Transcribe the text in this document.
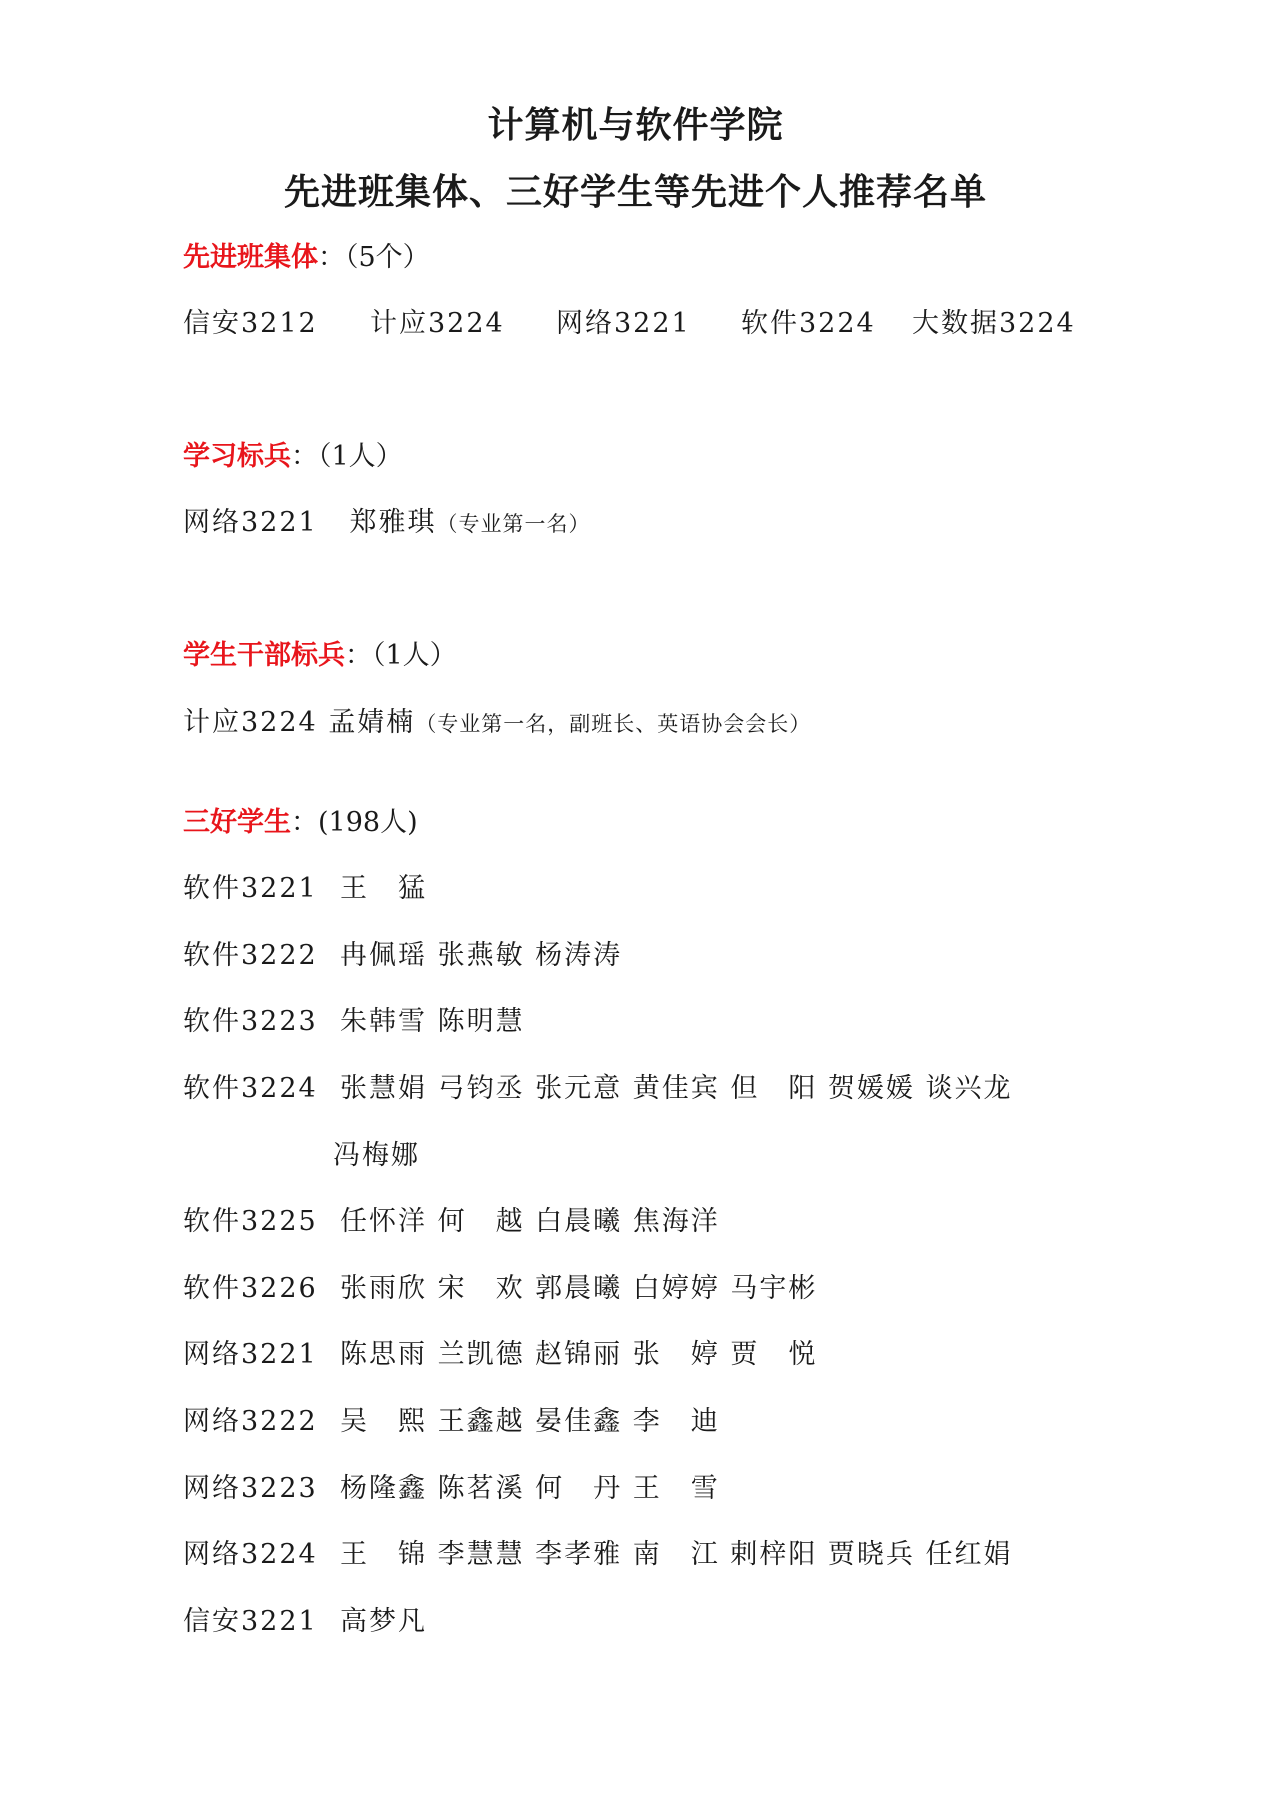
计算机与软件学院
先进班集体、三好学生等先进个人推荐名单
先进班集体：（5个）
信安3212 计应3224 网络3221 软件3224 大数据3224
学习标兵：（1人）
网络3221 郑雅琪（专业第一名）
学生干部标兵：（1人）
计应3224 孟婧楠（专业第一名，副班长、英语协会会长）
三好学生：(198人)
软件3221 王　猛
软件3222 冉佩瑶 张燕敏 杨涛涛
软件3223 朱韩雪 陈明慧
软件3224 张慧娟 弓钧丞 张元意 黄佳宾 但　阳 贺媛媛 谈兴龙
冯梅娜
软件3225 任怀洋 何　越 白晨曦 焦海洋
软件3226 张雨欣 宋　欢 郭晨曦 白婷婷 马宇彬
网络3221 陈思雨 兰凯德 赵锦丽 张　婷 贾　悦
网络3222 吴　熙 王鑫越 晏佳鑫 李　迪
网络3223 杨隆鑫 陈茗溪 何　丹 王　雪
网络3224 王　锦 李慧慧 李孝雅 南　江 剌梓阳 贾晓兵 任红娟
信安3221 高梦凡
